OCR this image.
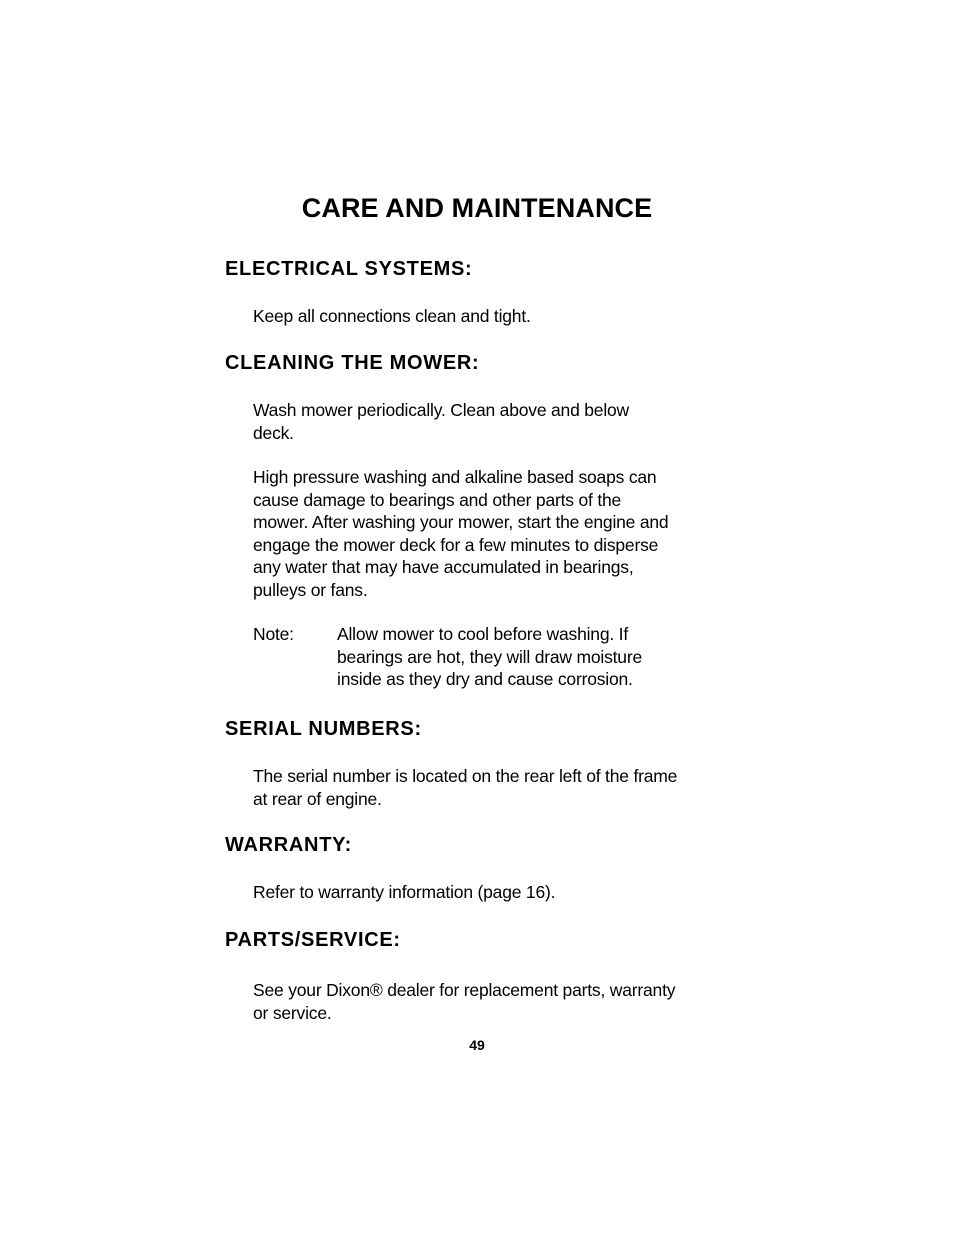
CARE AND MAINTENANCE
ELECTRICAL SYSTEMS:
Keep all connections clean and tight.
CLEANING THE MOWER:
Wash mower periodically. Clean above and below
deck.
High pressure washing and alkaline based soaps can
cause damage to bearings and other parts of the
mower. After washing your mower, start the engine and
engage the mower deck for a few minutes to disperse
any water that may have accumulated in bearings,
pulleys or fans.
Note: Allow mower to cool before washing. If
bearings are hot, they will draw moisture
inside as they dry and cause corrosion.
SERIAL NUMBERS:
The serial number is located on the rear left of the frame
at rear of engine.
WARRANTY:
Refer to warranty information (page 16).
PARTS/SERVICE:
See your Dixon® dealer for replacement parts, warranty
or service.
49
